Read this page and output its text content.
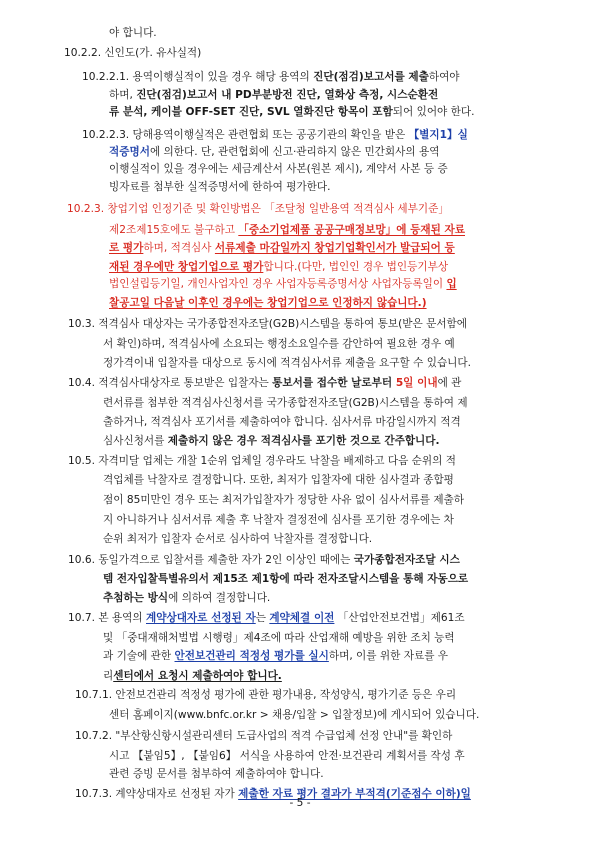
야 합니다.
10.2.2. 신인도(가. 유사실적)
10.2.2.1. 용역이행실적이 있을 경우 해당 용역의 진단(점검)보고서를 제출하여야
하며, 진단(점검)보고서 내 PD부분방전 진단, 열화상 측정, 시스순환전
류 분석, 케이블 OFF-SET 진단, SVL 열화진단 항목이 포함되어 있어야 한다.
10.2.2.3. 당해용역이행실적은 관련협회 또는 공공기관의 확인을 받은 【별지1】실
적증명서에 의한다. 단, 관련협회에 신고·관리하지 않은 민간회사의 용역
이행실적이 있을 경우에는 세금계산서 사본(원본 제시), 계약서 사본 등 증
빙자료를 첨부한 실적증명서에 한하여 평가한다.
10.2.3. 창업기업 인정기준 및 확인방법은 「조달청 일반용역 적격심사 세부기준」
제2조제15호에도 불구하고 「중소기업제품 공공구매정보망」에 등재된 자료
로 평가하며, 적격심사 서류제출 마감일까지 창업기업확인서가 발급되어 등
재된 경우에만 창업기업으로 평가합니다.(다만, 법인인 경우 법인등기부상
법인설립등기일, 개인사업자인 경우 사업자등록증명서상 사업자등록일이 입
찰공고일 다음날 이후인 경우에는 창업기업으로 인정하지 않습니다.)
10.3. 적격심사 대상자는 국가종합전자조달(G2B)시스템을 통하여 통보(받은 문서함에
서 확인)하며, 적격심사에 소요되는 행정소요일수를 감안하여 필요한 경우 예
정가격이내 입찰자를 대상으로 동시에 적격심사서류 제출을 요구할 수 있습니다.
10.4. 적격심사대상자로 통보받은 입찰자는 통보서를 접수한 날로부터 5일 이내에 관
련서류를 첨부한 적격심사신청서를 국가종합전자조달(G2B)시스템을 통하여 제
출하거나, 적격심사 포기서를 제출하여야 합니다. 심사서류 마감일시까지 적격
심사신청서를 제출하지 않은 경우 적격심사를 포기한 것으로 간주합니다.
10.5. 자격미달 업체는 개찰 1순위 업체일 경우라도 낙찰을 배제하고 다음 순위의 적
격업체를 낙찰자로 결정합니다. 또한, 최저가 입찰자에 대한 심사결과 종합평
점이 85미만인 경우 또는 최저가입찰자가 정당한 사유 없이 심사서류를 제출하
지 아니하거나 심서서류 제출 후 낙찰자 결정전에 심사를 포기한 경우에는 차
순위 최저가 입찰자 순서로 심사하여 낙찰자를 결정합니다.
10.6. 동일가격으로 입찰서를 제출한 자가 2인 이상인 때에는 국가종합전자조달 시스
템 전자입찰특별유의서 제15조 제1항에 따라 전자조달시스템을 통해 자동으로
추첨하는 방식에 의하여 결정합니다.
10.7. 본 용역의 계약상대자로 선정된 자는 계약체결 이전 「산업안전보건법」제61조
및 「중대재해처벌법 시행령」제4조에 따라 산업재해 예방을 위한 조치 능력
과 기술에 관한 안전보건관리 적정성 평가를 실시하며, 이를 위한 자료를 우
리센터에서 요청시 제출하여야 합니다.
10.7.1. 안전보건관리 적정성 평가에 관한 평가내용, 작성양식, 평가기준 등은 우리
센터 홈페이지(www.bnfc.or.kr > 채용/입찰 > 입찰정보)에 게시되어 있습니다.
10.7.2. "부산항신항시설관리센터 도급사업의 적격 수급업체 선정 안내"를 확인하
시고 【붙임5】, 【붙임6】 서식을 사용하여 안전·보건관리 계획서를 작성 후
관련 증빙 문서를 첨부하여 제출하여야 합니다.
10.7.3. 계약상대자로 선정된 자가 제출한 자료 평가 결과가 부적격(기준점수 이하)일
- 5 -
